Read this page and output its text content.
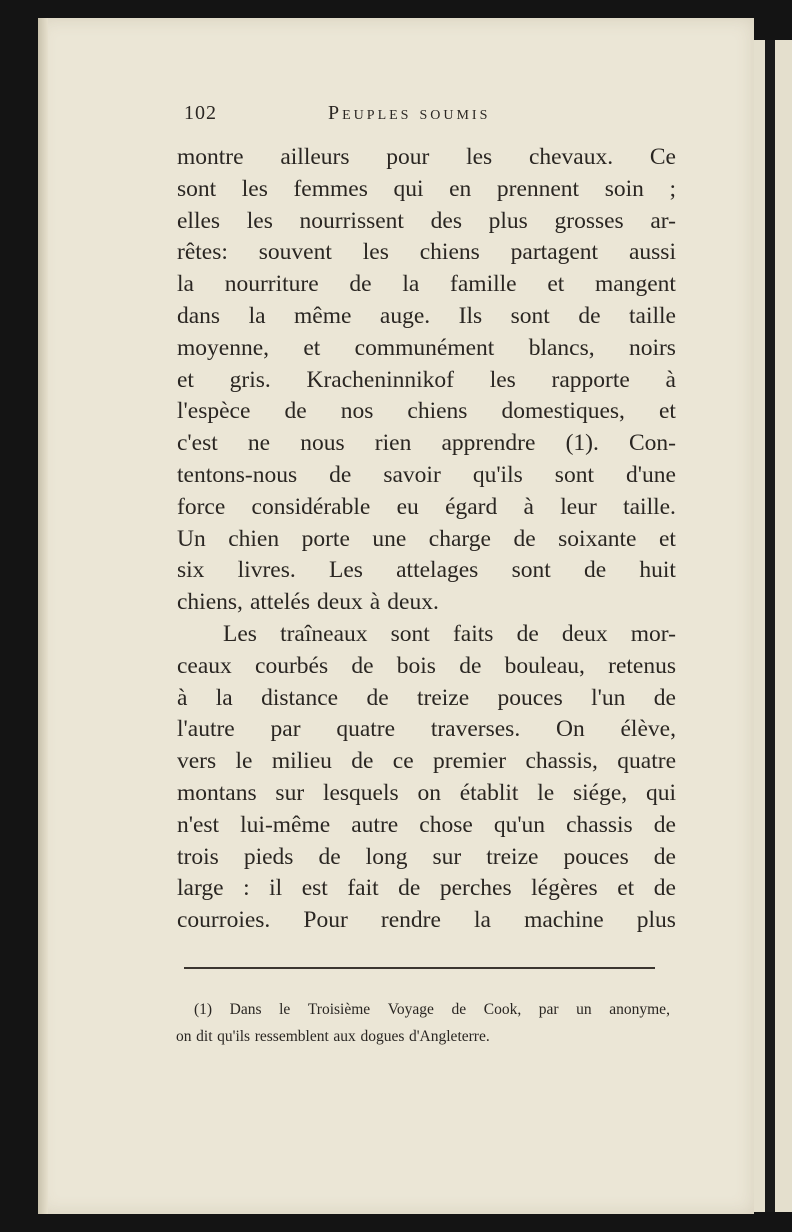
102	Peuples soumis
montre ailleurs pour les chevaux. Ce
sont les femmes qui en prennent soin ;
elles les nourrissent des plus grosses ar-
rêtes: souvent les chiens partagent aussi
la nourriture de la famille et mangent
dans la même auge. Ils sont de taille
moyenne, et communément blancs, noirs
et gris. Kracheninnikof les rapporte à
l'espèce de nos chiens domestiques, et
c'est ne nous rien apprendre (1). Con-
tentons-nous de savoir qu'ils sont d'une
force considérable eu égard à leur taille.
Un chien porte une charge de soixante et
six livres. Les attelages sont de huit
chiens, attelés deux à deux.
Les traîneaux sont faits de deux mor-
ceaux courbés de bois de bouleau, retenus
à la distance de treize pouces l'un de
l'autre par quatre traverses. On élève,
vers le milieu de ce premier chassis, quatre
montans sur lesquels on établit le siége, qui
n'est lui-même autre chose qu'un chassis de
trois pieds de long sur treize pouces de
large : il est fait de perches légères et de
courroies. Pour rendre la machine plus
(1) Dans le Troisième Voyage de Cook, par un anonyme,
on dit qu'ils ressemblent aux dogues d'Angleterre.
